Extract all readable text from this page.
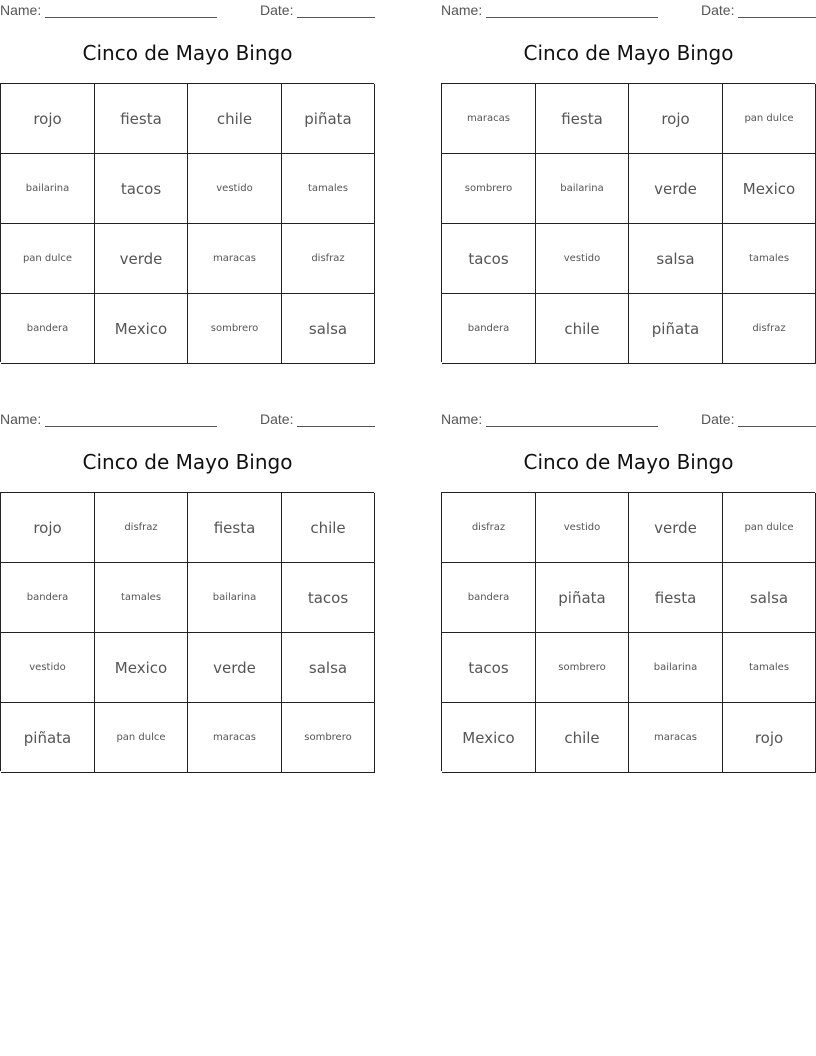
Name:	Date:
Cinco de Mayo Bingo
rojo	fiesta	chile	piñata
bailarina	tacos	vestido	tamales
pan dulce	verde	maracas	disfraz
bandera	Mexico	sombrero	salsa
Name:	Date:
Cinco de Mayo Bingo
maracas	fiesta	rojo	pan dulce
sombrero	bailarina	verde	Mexico
tacos	vestido	salsa	tamales
bandera	chile	piñata	disfraz
Name:	Date:
Cinco de Mayo Bingo
rojo	disfraz	fiesta	chile
bandera	tamales	bailarina	tacos
vestido	Mexico	verde	salsa
piñata	pan dulce	maracas	sombrero
Name:	Date:
Cinco de Mayo Bingo
disfraz	vestido	verde	pan dulce
bandera	piñata	fiesta	salsa
tacos	sombrero	bailarina	tamales
Mexico	chile	maracas	rojo
